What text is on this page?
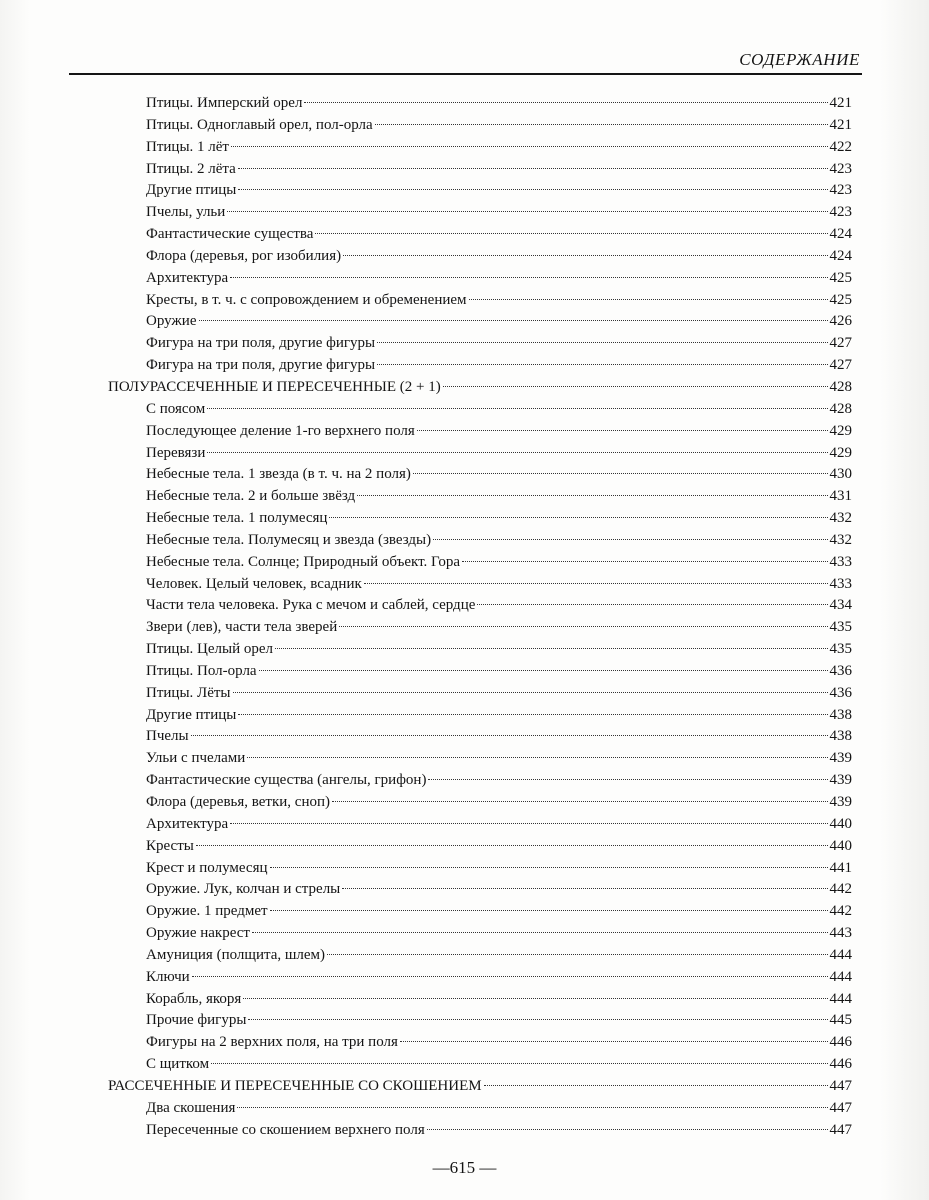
СОДЕРЖАНИЕ
Птицы. Имперский орел	421
Птицы. Одноглавый орел, пол-орла	421
Птицы. 1 лёт	422
Птицы. 2 лёта	423
Другие птицы	423
Пчелы, ульи	423
Фантастические существа	424
Флора (деревья, рог изобилия)	424
Архитектура	425
Кресты, в т. ч. с сопровождением и обременением	425
Оружие	426
Фигура на три поля, другие фигуры	427
Фигура на три поля, другие фигуры	427
ПОЛУРАССЕЧЕННЫЕ И ПЕРЕСЕЧЕННЫЕ (2 + 1)	428
С поясом	428
Последующее деление 1-го верхнего поля	429
Перевязи	429
Небесные тела. 1 звезда (в т. ч. на 2 поля)	430
Небесные тела. 2 и больше звёзд	431
Небесные тела. 1 полумесяц	432
Небесные тела. Полумесяц и звезда (звезды)	432
Небесные тела. Солнце; Природный объект. Гора	433
Человек. Целый человек, всадник	433
Части тела человека. Рука с мечом и саблей, сердце	434
Звери (лев), части тела зверей	435
Птицы. Целый орел	435
Птицы. Пол-орла	436
Птицы. Лёты	436
Другие птицы	438
Пчелы	438
Ульи с пчелами	439
Фантастические существа (ангелы, грифон)	439
Флора (деревья, ветки, сноп)	439
Архитектура	440
Кресты	440
Крест и полумесяц	441
Оружие. Лук, колчан и стрелы	442
Оружие. 1 предмет	442
Оружие накрест	443
Амуниция (полщита, шлем)	444
Ключи	444
Корабль, якоря	444
Прочие фигуры	445
Фигуры на 2 верхних поля, на три поля	446
С щитком	446
РАССЕЧЕННЫЕ И ПЕРЕСЕЧЕННЫЕ СО СКОШЕНИЕМ	447
Два скошения	447
Пересеченные со скошением верхнего поля	447
—615 —
